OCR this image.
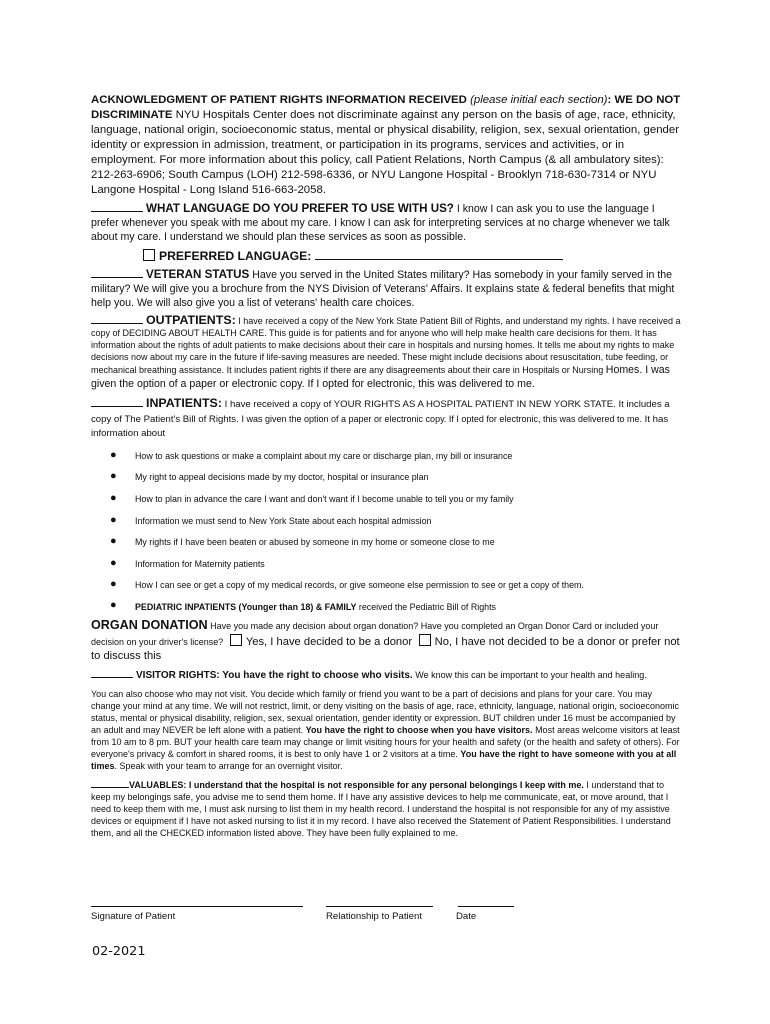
ACKNOWLEDGMENT OF PATIENT RIGHTS INFORMATION RECEIVED (please initial each section): WE DO NOT DISCRIMINATE NYU Hospitals Center does not discriminate against any person on the basis of age, race, ethnicity, language, national origin, socioeconomic status, mental or physical disability, religion, sex, sexual orientation, gender identity or expression in admission, treatment, or participation in its programs, services and activities, or in employment. For more information about this policy, call Patient Relations, North Campus (& all ambulatory sites): 212-263-6906; South Campus (LOH) 212-598-6336, or NYU Langone Hospital - Brooklyn 718-630-7314 or NYU Langone Hospital - Long Island 516-663-2058.

WHAT LANGUAGE DO YOU PREFER TO USE WITH US? I know I can ask you to use the language I prefer whenever you speak with me about my care. I know I can ask for interpreting services at no charge whenever we talk about my care. I understand we should plan these services as soon as possible.

PREFERRED LANGUAGE:

VETERAN STATUS Have you served in the United States military? Has somebody in your family served in the military? We will give you a brochure from the NYS Division of Veterans' Affairs. It explains state & federal benefits that might help you. We will also give you a list of veterans' health care choices.

OUTPATIENTS: I have received a copy of the New York State Patient Bill of Rights, and understand my rights. I have received a copy of DECIDING ABOUT HEALTH CARE. This guide is for patients and for anyone who will help make health care decisions for them. It has information about the rights of adult patients to make decisions about their care in hospitals and nursing homes. It tells me about my rights to make decisions now about my care in the future if life-saving measures are needed. These might include decisions about resuscitation, tube feeding, or mechanical breathing assistance. It includes patient rights if there are any disagreements about their care in Hospitals or Nursing Homes. I was given the option of a paper or electronic copy. If I opted for electronic, this was delivered to me.

INPATIENTS: I have received a copy of YOUR RIGHTS AS A HOSPITAL PATIENT IN NEW YORK STATE. It includes a copy of The Patient's Bill of Rights. I was given the option of a paper or electronic copy. If I opted for electronic, this was delivered to me. It has information about

● How to ask questions or make a complaint about my care or discharge plan, my bill or insurance
● My right to appeal decisions made by my doctor, hospital or insurance plan
● How to plan in advance the care I want and don't want if I become unable to tell you or my family
● Information we must send to New York State about each hospital admission
● My rights if I have been beaten or abused by someone in my home or someone close to me
● Information for Maternity patients
● How I can see or get a copy of my medical records, or give someone else permission to see or get a copy of them.
● PEDIATRIC INPATIENTS (Younger than 18) & FAMILY received the Pediatric Bill of Rights

ORGAN DONATION Have you made any decision about organ donation? Have you completed an Organ Donor Card or included your decision on your driver's license? Yes, I have decided to be a donor No, I have not decided to be a donor or prefer not to discuss this

VISITOR RIGHTS: You have the right to choose who visits. We know this can be important to your health and healing.

You can also choose who may not visit. You decide which family or friend you want to be a part of decisions and plans for your care. You may change your mind at any time. We will not restrict, limit, or deny visiting on the basis of age, race, ethnicity, language, national origin, socioeconomic status, mental or physical disability, religion, sex, sexual orientation, gender identity or expression. BUT children under 16 must be accompanied by an adult and may NEVER be left alone with a patient. You have the right to choose when you have visitors. Most areas welcome visitors at least from 10 am to 8 pm. BUT your health care team may change or limit visiting hours for your health and safety (or the health and safety of others). For everyone's privacy & comfort in shared rooms, it is best to only have 1 or 2 visitors at a time. You have the right to have someone with you at all times. Speak with your team to arrange for an overnight visitor.

VALUABLES: I understand that the hospital is not responsible for any personal belongings I keep with me. I understand that to keep my belongings safe, you advise me to send them home. If I have any assistive devices to help me communicate, eat, or move around, that I need to keep them with me, I must ask nursing to list them in my health record. I understand the hospital is not responsible for any of my assistive devices or equipment if I have not asked nursing to list it in my record. I have also received the Statement of Patient Responsibilities. I understand them, and all the CHECKED information listed above. They have been fully explained to me.

Signature of Patient	Relationship to Patient	Date
02-2021
